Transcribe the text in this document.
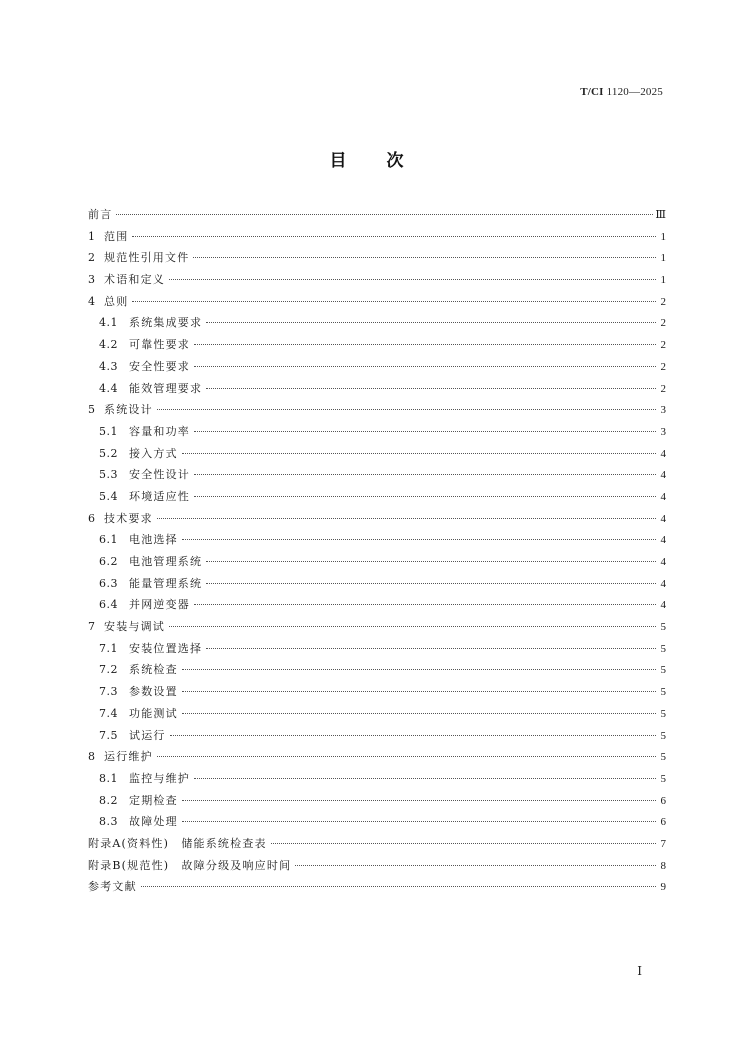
T/CI 1120—2025
目次
前言	Ⅲ
1 范围	1
2 规范性引用文件	1
3 术语和定义	1
4 总则	2
4.1	系统集成要求	2
4.2	可靠性要求	2
4.3	安全性要求	2
4.4	能效管理要求	2
5 系统设计	3
5.1	容量和功率	3
5.2	接入方式	4
5.3	安全性设计	4
5.4	环境适应性	4
6 技术要求	4
6.1	电池选择	4
6.2	电池管理系统	4
6.3	能量管理系统	4
6.4	并网逆变器	4
7 安装与调试	5
7.1	安装位置选择	5
7.2	系统检查	5
7.3	参数设置	5
7.4	功能测试	5
7.5	试运行	5
8 运行维护	5
8.1	监控与维护	5
8.2	定期检查	6
8.3	故障处理	6
附录A(资料性)　储能系统检查表	7
附录B(规范性)　故障分级及响应时间	8
参考文献	9
Ⅰ
